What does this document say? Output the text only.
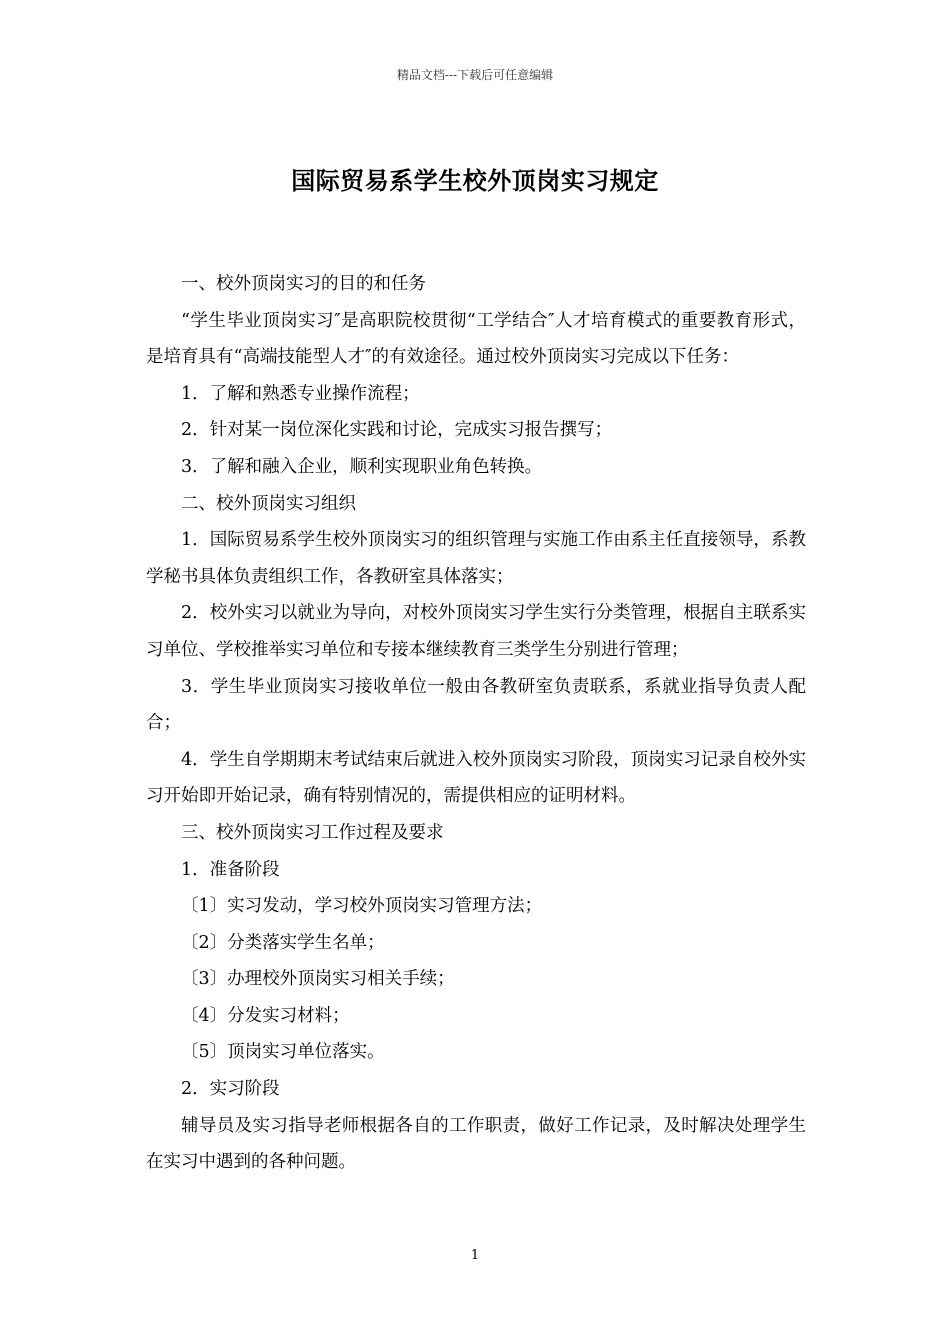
精品文档---下载后可任意编辑
国际贸易系学生校外顶岗实习规定

一、校外顶岗实习的目的和任务

“学生毕业顶岗实习″是高职院校贯彻“工学结合″人才培育模式的重要教育形式，是培育具有“高端技能型人才″的有效途径。通过校外顶岗实习完成以下任务：

1．了解和熟悉专业操作流程；

2．针对某一岗位深化实践和讨论，完成实习报告撰写；

3．了解和融入企业，顺利实现职业角色转换。

二、校外顶岗实习组织

1．国际贸易系学生校外顶岗实习的组织管理与实施工作由系主任直接领导，系教学秘书具体负责组织工作，各教研室具体落实；

2．校外实习以就业为导向，对校外顶岗实习学生实行分类管理，根据自主联系实习单位、学校推举实习单位和专接本继续教育三类学生分别进行管理；

3．学生毕业顶岗实习接收单位一般由各教研室负责联系，系就业指导负责人配合；

4．学生自学期期末考试结束后就进入校外顶岗实习阶段，顶岗实习记录自校外实习开始即开始记录，确有特别情况的，需提供相应的证明材料。

三、校外顶岗实习工作过程及要求

1．准备阶段

〔1〕实习发动，学习校外顶岗实习管理方法；

〔2〕分类落实学生名单；

〔3〕办理校外顶岗实习相关手续；

〔4〕分发实习材料；

〔5〕顶岗实习单位落实。

2．实习阶段

辅导员及实习指导老师根据各自的工作职责，做好工作记录，及时解决处理学生在实习中遇到的各种问题。

1
